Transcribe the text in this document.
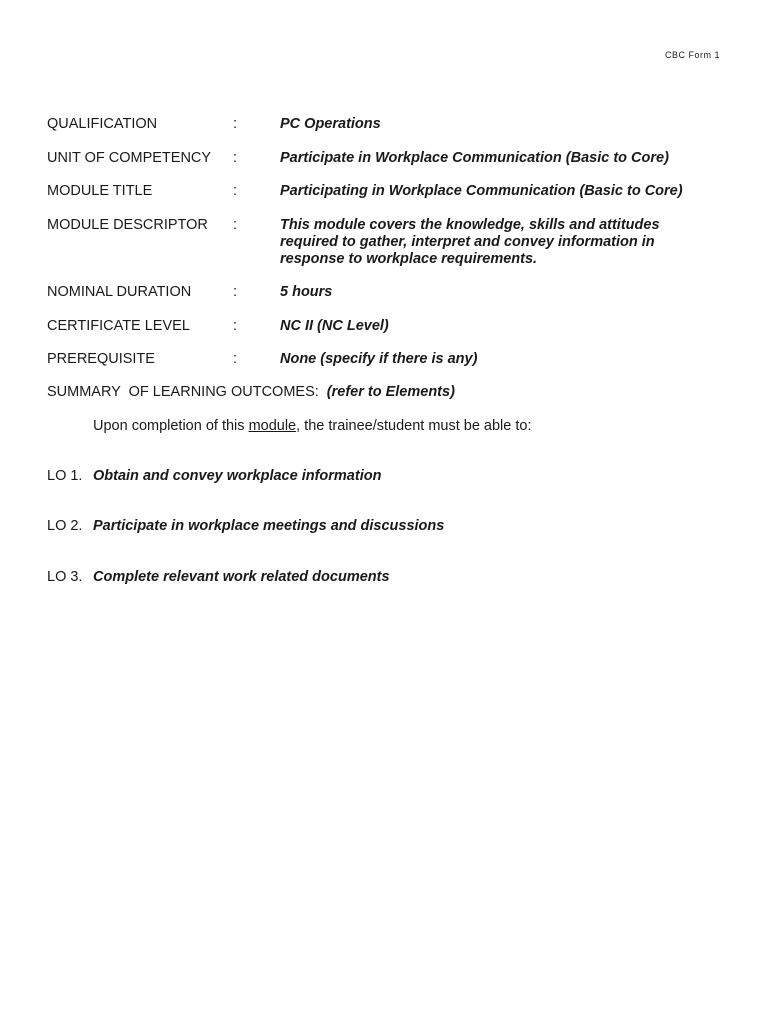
CBC Form 1
QUALIFICATION	:	PC Operations
UNIT OF COMPETENCY	:	Participate in Workplace Communication (Basic to Core)
MODULE TITLE	:	Participating in Workplace Communication (Basic to Core)
MODULE DESCRIPTOR	:	This module covers the knowledge, skills and attitudes
required to gather, interpret and convey information in
response to workplace requirements.
NOMINAL DURATION	:	5 hours
CERTIFICATE LEVEL	:	NC II (NC Level)
PREREQUISITE	:	None (specify if there is any)
SUMMARY  OF LEARNING OUTCOMES: (refer to Elements)
Upon completion of this module, the trainee/student must be able to:
LO 1. Obtain and convey workplace information
LO 2. Participate in workplace meetings and discussions
LO 3. Complete relevant work related documents
